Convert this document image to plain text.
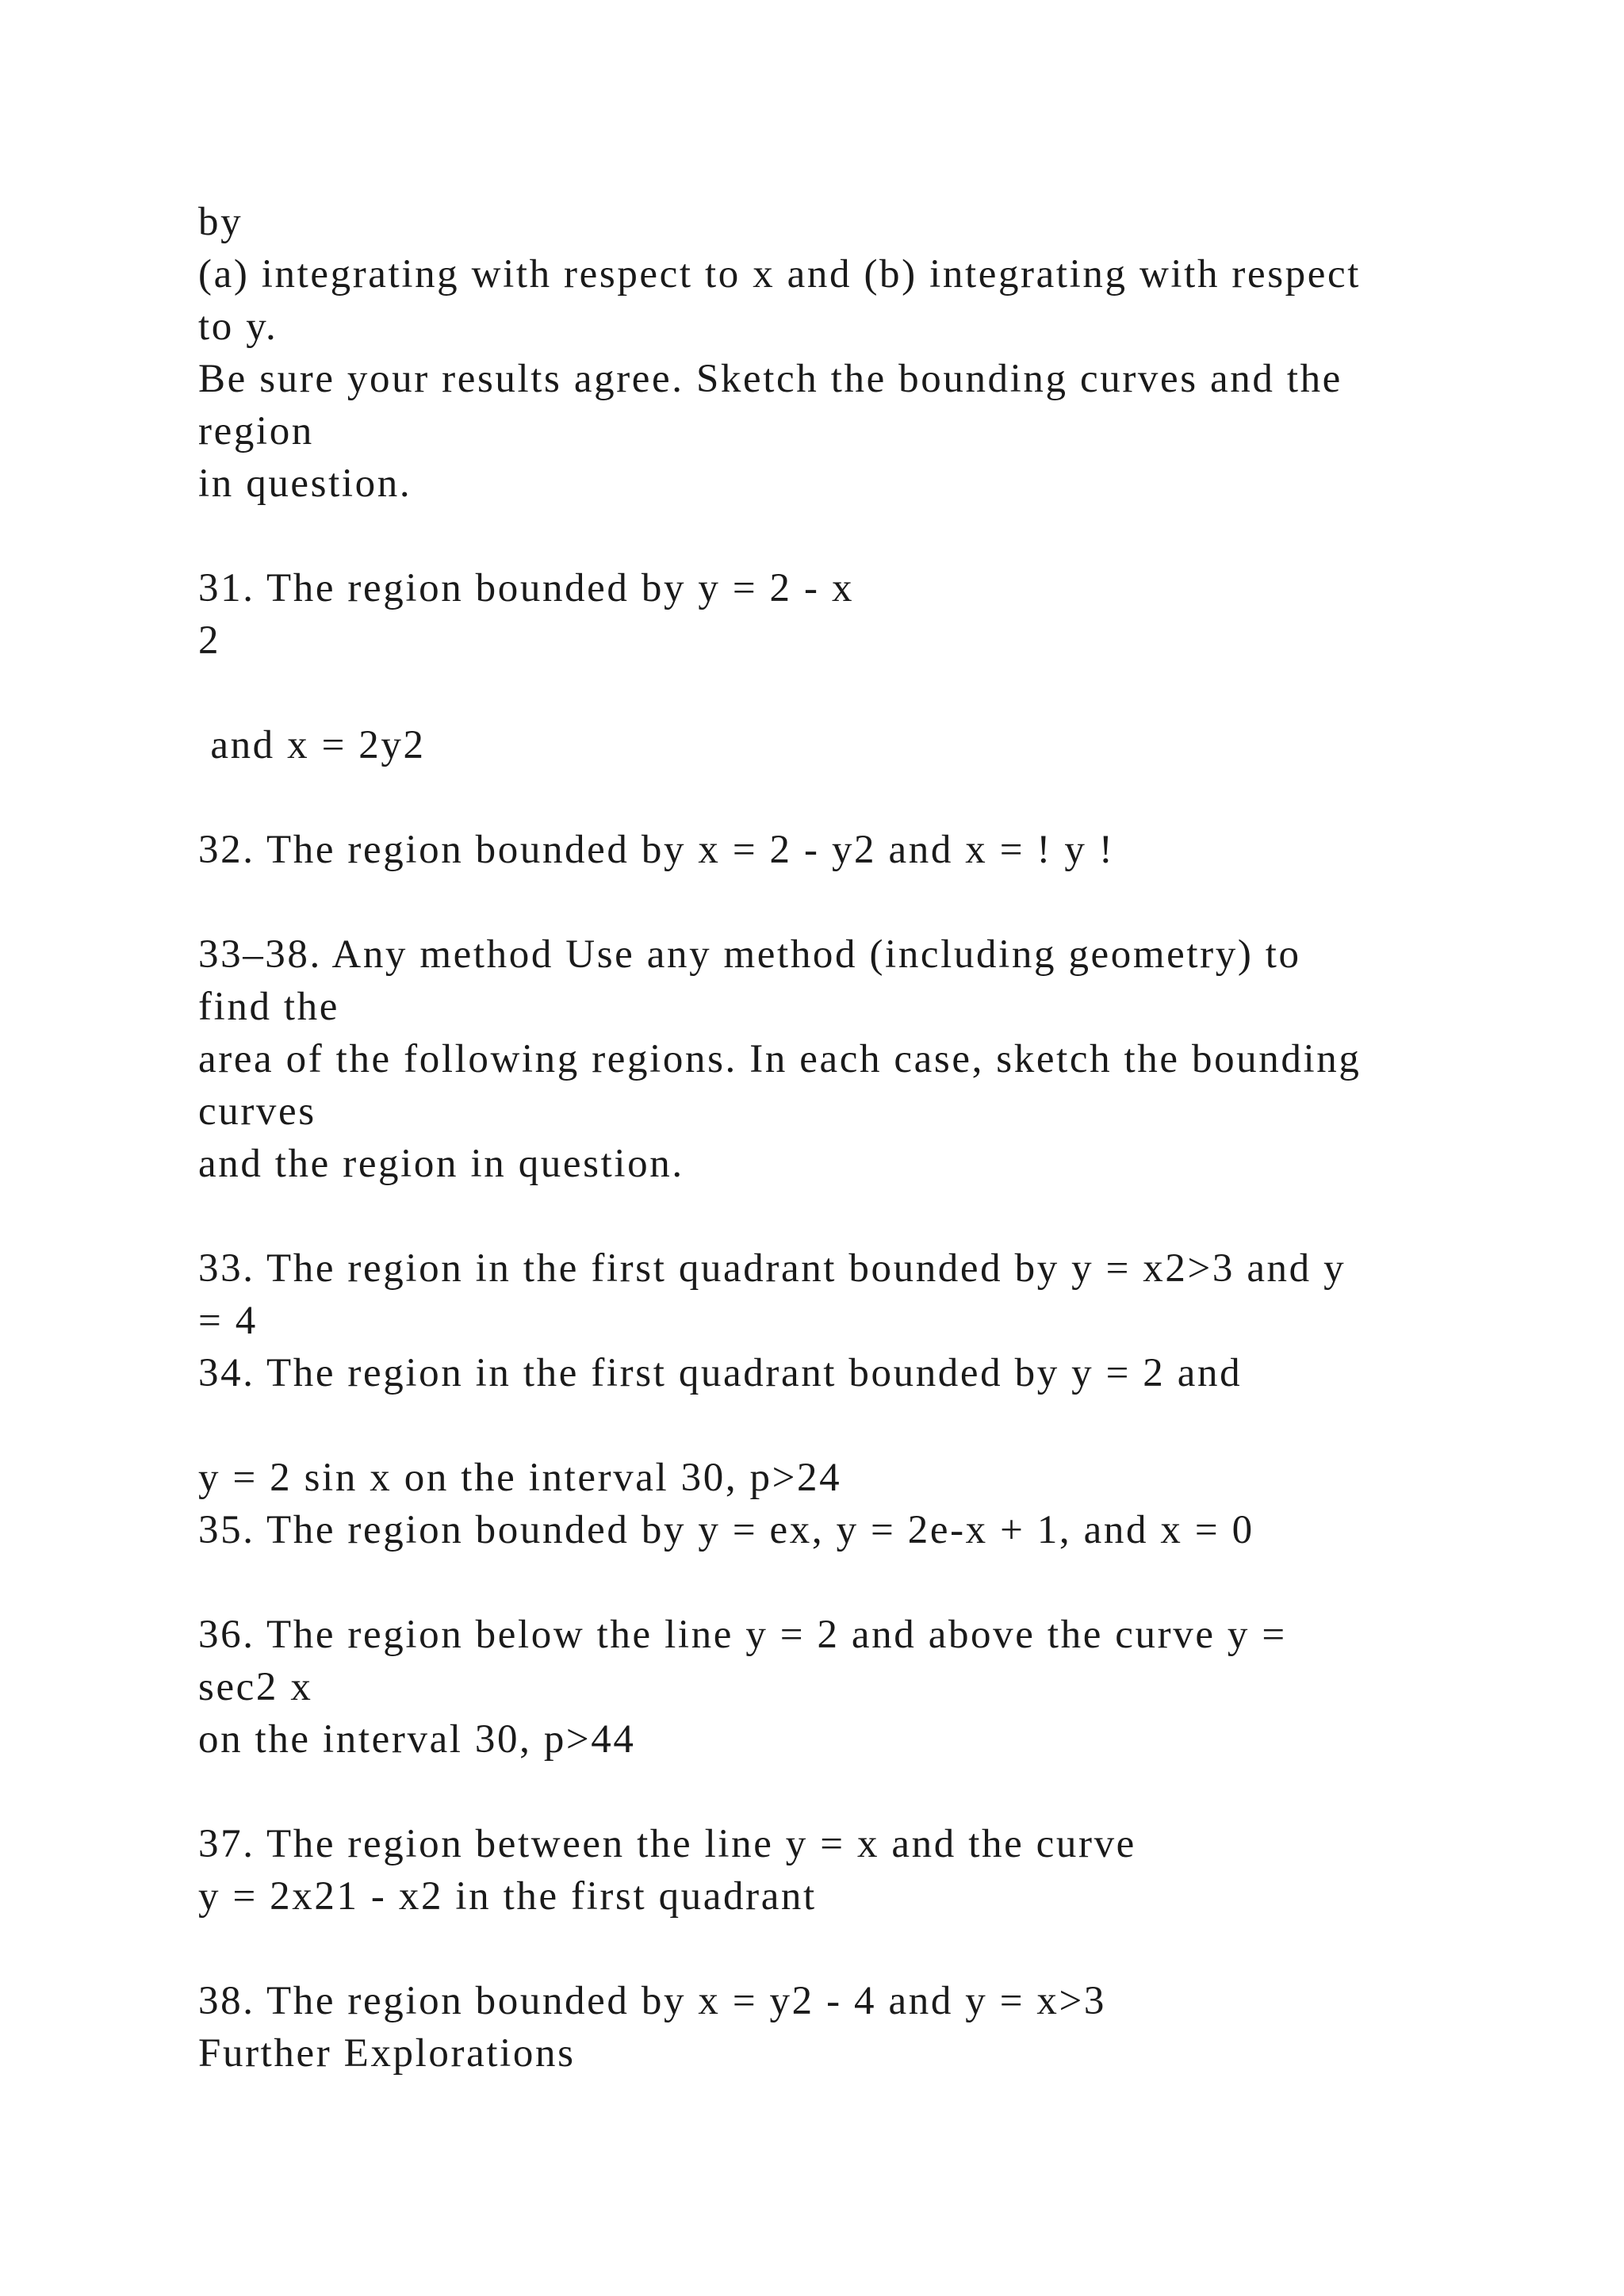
by

(a) integrating with respect to x and (b) integrating with respect

to y.

Be sure your results agree. Sketch the bounding curves and the

region

in question.

31. The region bounded by y = 2 - x

2

and x = 2y2

32. The region bounded by x = 2 - y2 and x = ! y !

33–38. Any method Use any method (including geometry) to

find the

area of the following regions. In each case, sketch the bounding

curves

and the region in question.

33. The region in the first quadrant bounded by y = x2>3 and y

= 4

34. The region in the first quadrant bounded by y = 2 and

y = 2 sin x on the interval 30, p>24

35. The region bounded by y = ex, y = 2e-x + 1, and x = 0

36. The region below the line y = 2 and above the curve y =

sec2 x

on the interval 30, p>44

37. The region between the line y = x and the curve

y = 2x21 - x2 in the first quadrant

38. The region bounded by x = y2 - 4 and y = x>3

Further Explorations
